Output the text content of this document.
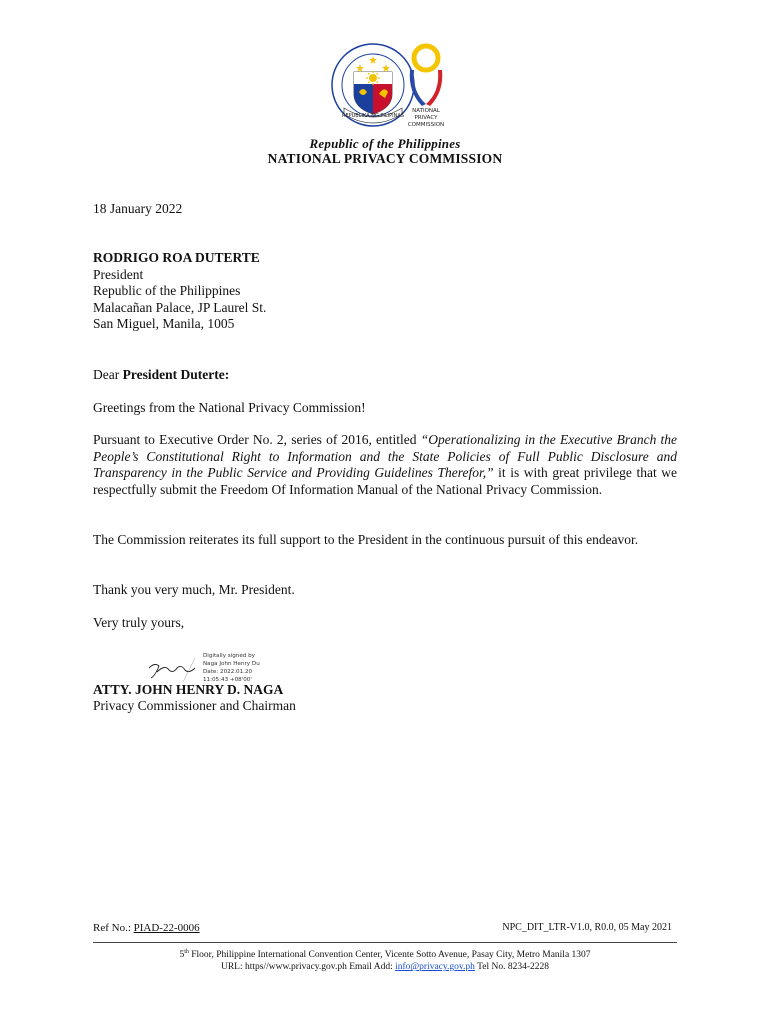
REPUBLIKA NG PILIPINAS
NATIONAL
PRIVACY
COMMISSION
Republic of the Philippines
NATIONAL PRIVACY COMMISSION
18 January 2022
RODRIGO ROA DUTERTE
President
Republic of the Philippines
Malacañan Palace, JP Laurel St.
San Miguel, Manila, 1005
Dear President Duterte:
Greetings from the National Privacy Commission!
Pursuant to Executive Order No. 2, series of 2016, entitled “Operationalizing in the Executive Branch the People’s Constitutional Right to Information and the State Policies of Full Public Disclosure and Transparency in the Public Service and Providing Guidelines Therefor,” it is with great privilege that we respectfully submit the Freedom Of Information Manual of the National Privacy Commission.
The Commission reiterates its full support to the President in the continuous pursuit of this endeavor.
Thank you very much, Mr. President.
Very truly yours,
Digitally signed by
Naga John Henry Du
Date: 2022.01.20
11:05:43 +08'00'
ATTY. JOHN HENRY D. NAGA
Privacy Commissioner and Chairman
Ref No.: PIAD-22-0006	NPC_DIT_LTR-V1.0, R0.0, 05 May 2021
5th Floor, Philippine International Convention Center, Vicente Sotto Avenue, Pasay City, Metro Manila 1307
URL: https//www.privacy.gov.ph Email Add: info@privacy.gov.ph Tel No. 8234-2228
